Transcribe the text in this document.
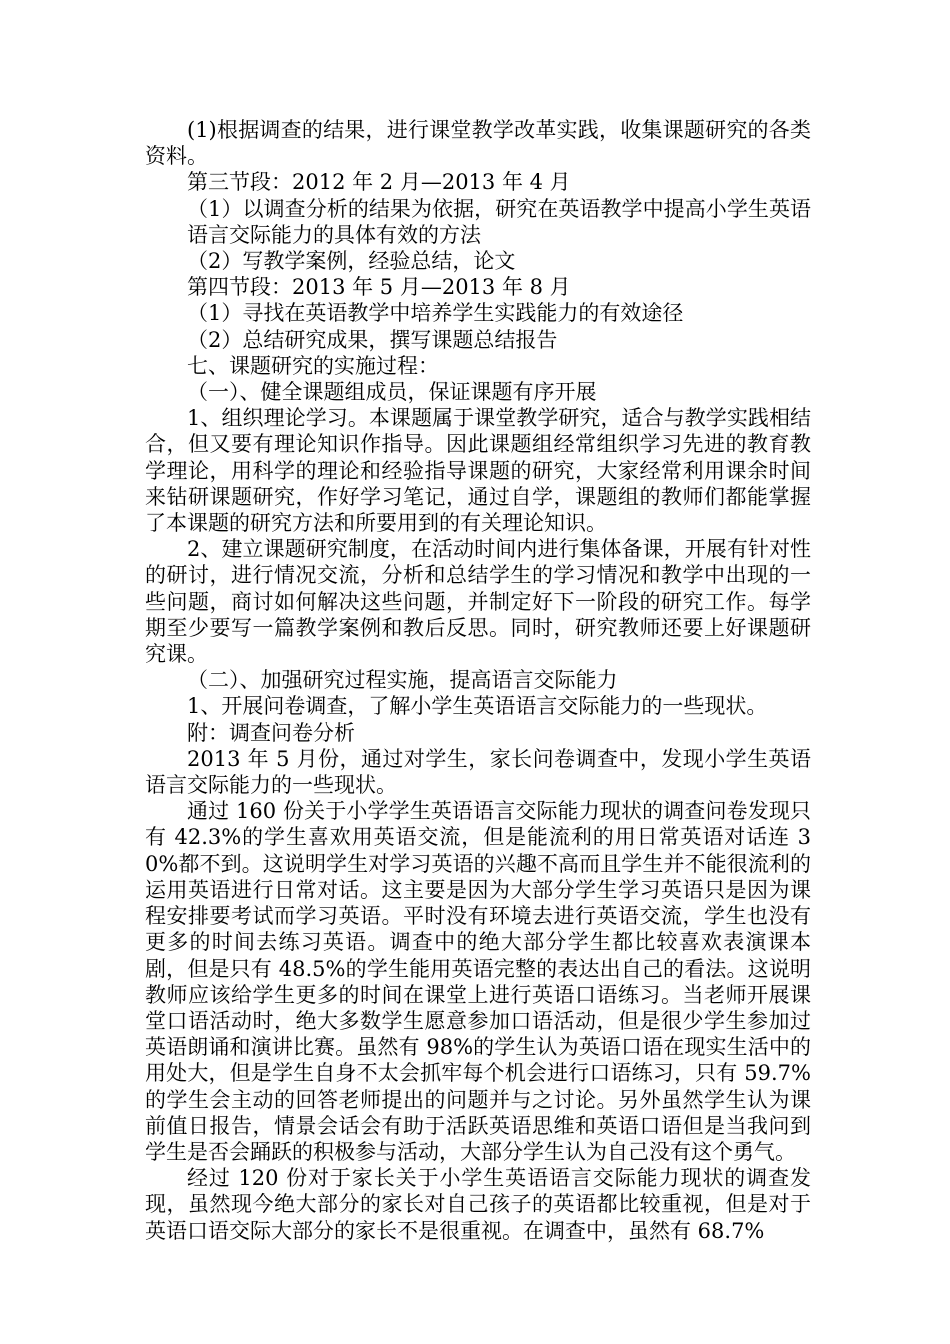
(1)根据调查的结果，进行课堂教学改革实践，收集课题研究的各类资料。

第三节段：2012 年 2 月—2013 年 4 月

（1）以调查分析的结果为依据，研究在英语教学中提高小学生英语语言交际能力的具体有效的方法

（2）写教学案例，经验总结，论文

第四节段：2013 年 5 月—2013 年 8 月

（1）寻找在英语教学中培养学生实践能力的有效途径

（2）总结研究成果，撰写课题总结报告

七、课题研究的实施过程：

（一）、健全课题组成员，保证课题有序开展

1、组织理论学习。本课题属于课堂教学研究，适合与教学实践相结合，但又要有理论知识作指导。因此课题组经常组织学习先进的教育教学理论，用科学的理论和经验指导课题的研究，大家经常利用课余时间来钻研课题研究，作好学习笔记，通过自学，课题组的教师们都能掌握了本课题的研究方法和所要用到的有关理论知识。

2、建立课题研究制度，在活动时间内进行集体备课，开展有针对性的研讨，进行情况交流，分析和总结学生的学习情况和教学中出现的一些问题，商讨如何解决这些问题，并制定好下一阶段的研究工作。每学期至少要写一篇教学案例和教后反思。同时，研究教师还要上好课题研究课。

（二）、加强研究过程实施，提高语言交际能力

1、开展问卷调查，了解小学生英语语言交际能力的一些现状。

附：调查问卷分析

2013 年 5 月份，通过对学生，家长问卷调查中，发现小学生英语语言交际能力的一些现状。

通过 160 份关于小学学生英语语言交际能力现状的调查问卷发现只有 42.3%的学生喜欢用英语交流，但是能流利的用日常英语对话连 30%都不到。这说明学生对学习英语的兴趣不高而且学生并不能很流利的运用英语进行日常对话。这主要是因为大部分学生学习英语只是因为课程安排要考试而学习英语。平时没有环境去进行英语交流，学生也没有更多的时间去练习英语。调查中的绝大部分学生都比较喜欢表演课本剧，但是只有 48.5%的学生能用英语完整的表达出自己的看法。这说明教师应该给学生更多的时间在课堂上进行英语口语练习。当老师开展课堂口语活动时，绝大多数学生愿意参加口语活动，但是很少学生参加过英语朗诵和演讲比赛。虽然有 98%的学生认为英语口语在现实生活中的用处大，但是学生自身不太会抓牢每个机会进行口语练习，只有 59.7%的学生会主动的回答老师提出的问题并与之讨论。另外虽然学生认为课前值日报告，情景会话会有助于活跃英语思维和英语口语但是当我问到学生是否会踊跃的积极参与活动，大部分学生认为自己没有这个勇气。

经过 120 份对于家长关于小学生英语语言交际能力现状的调查发现，虽然现今绝大部分的家长对自己孩子的英语都比较重视，但是对于英语口语交际大部分的家长不是很重视。在调查中，虽然有 68.7%
